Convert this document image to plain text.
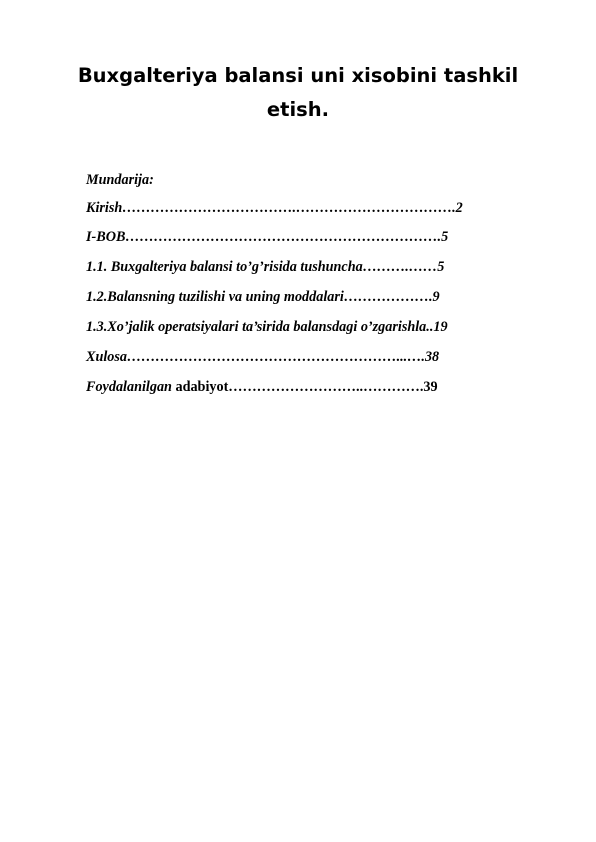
Buxgalteriya balansi uni xisobini tashkil
etish.
Mundarija:
Kirish……………………………….…………………………….2
I-BOB………………………………………………………….5
1.1. Buxgalteriya balansi to’g’risida tushuncha……….……5
1.2.Balansning tuzilishi va uning moddalari……………….9
1.3.Xo’jalik operatsiyalari ta’sirida balansdagi o’zgarishla..19
Xulosa…………………………………………………...….38
Foydalanilgan adabiyot………………………..………….39
